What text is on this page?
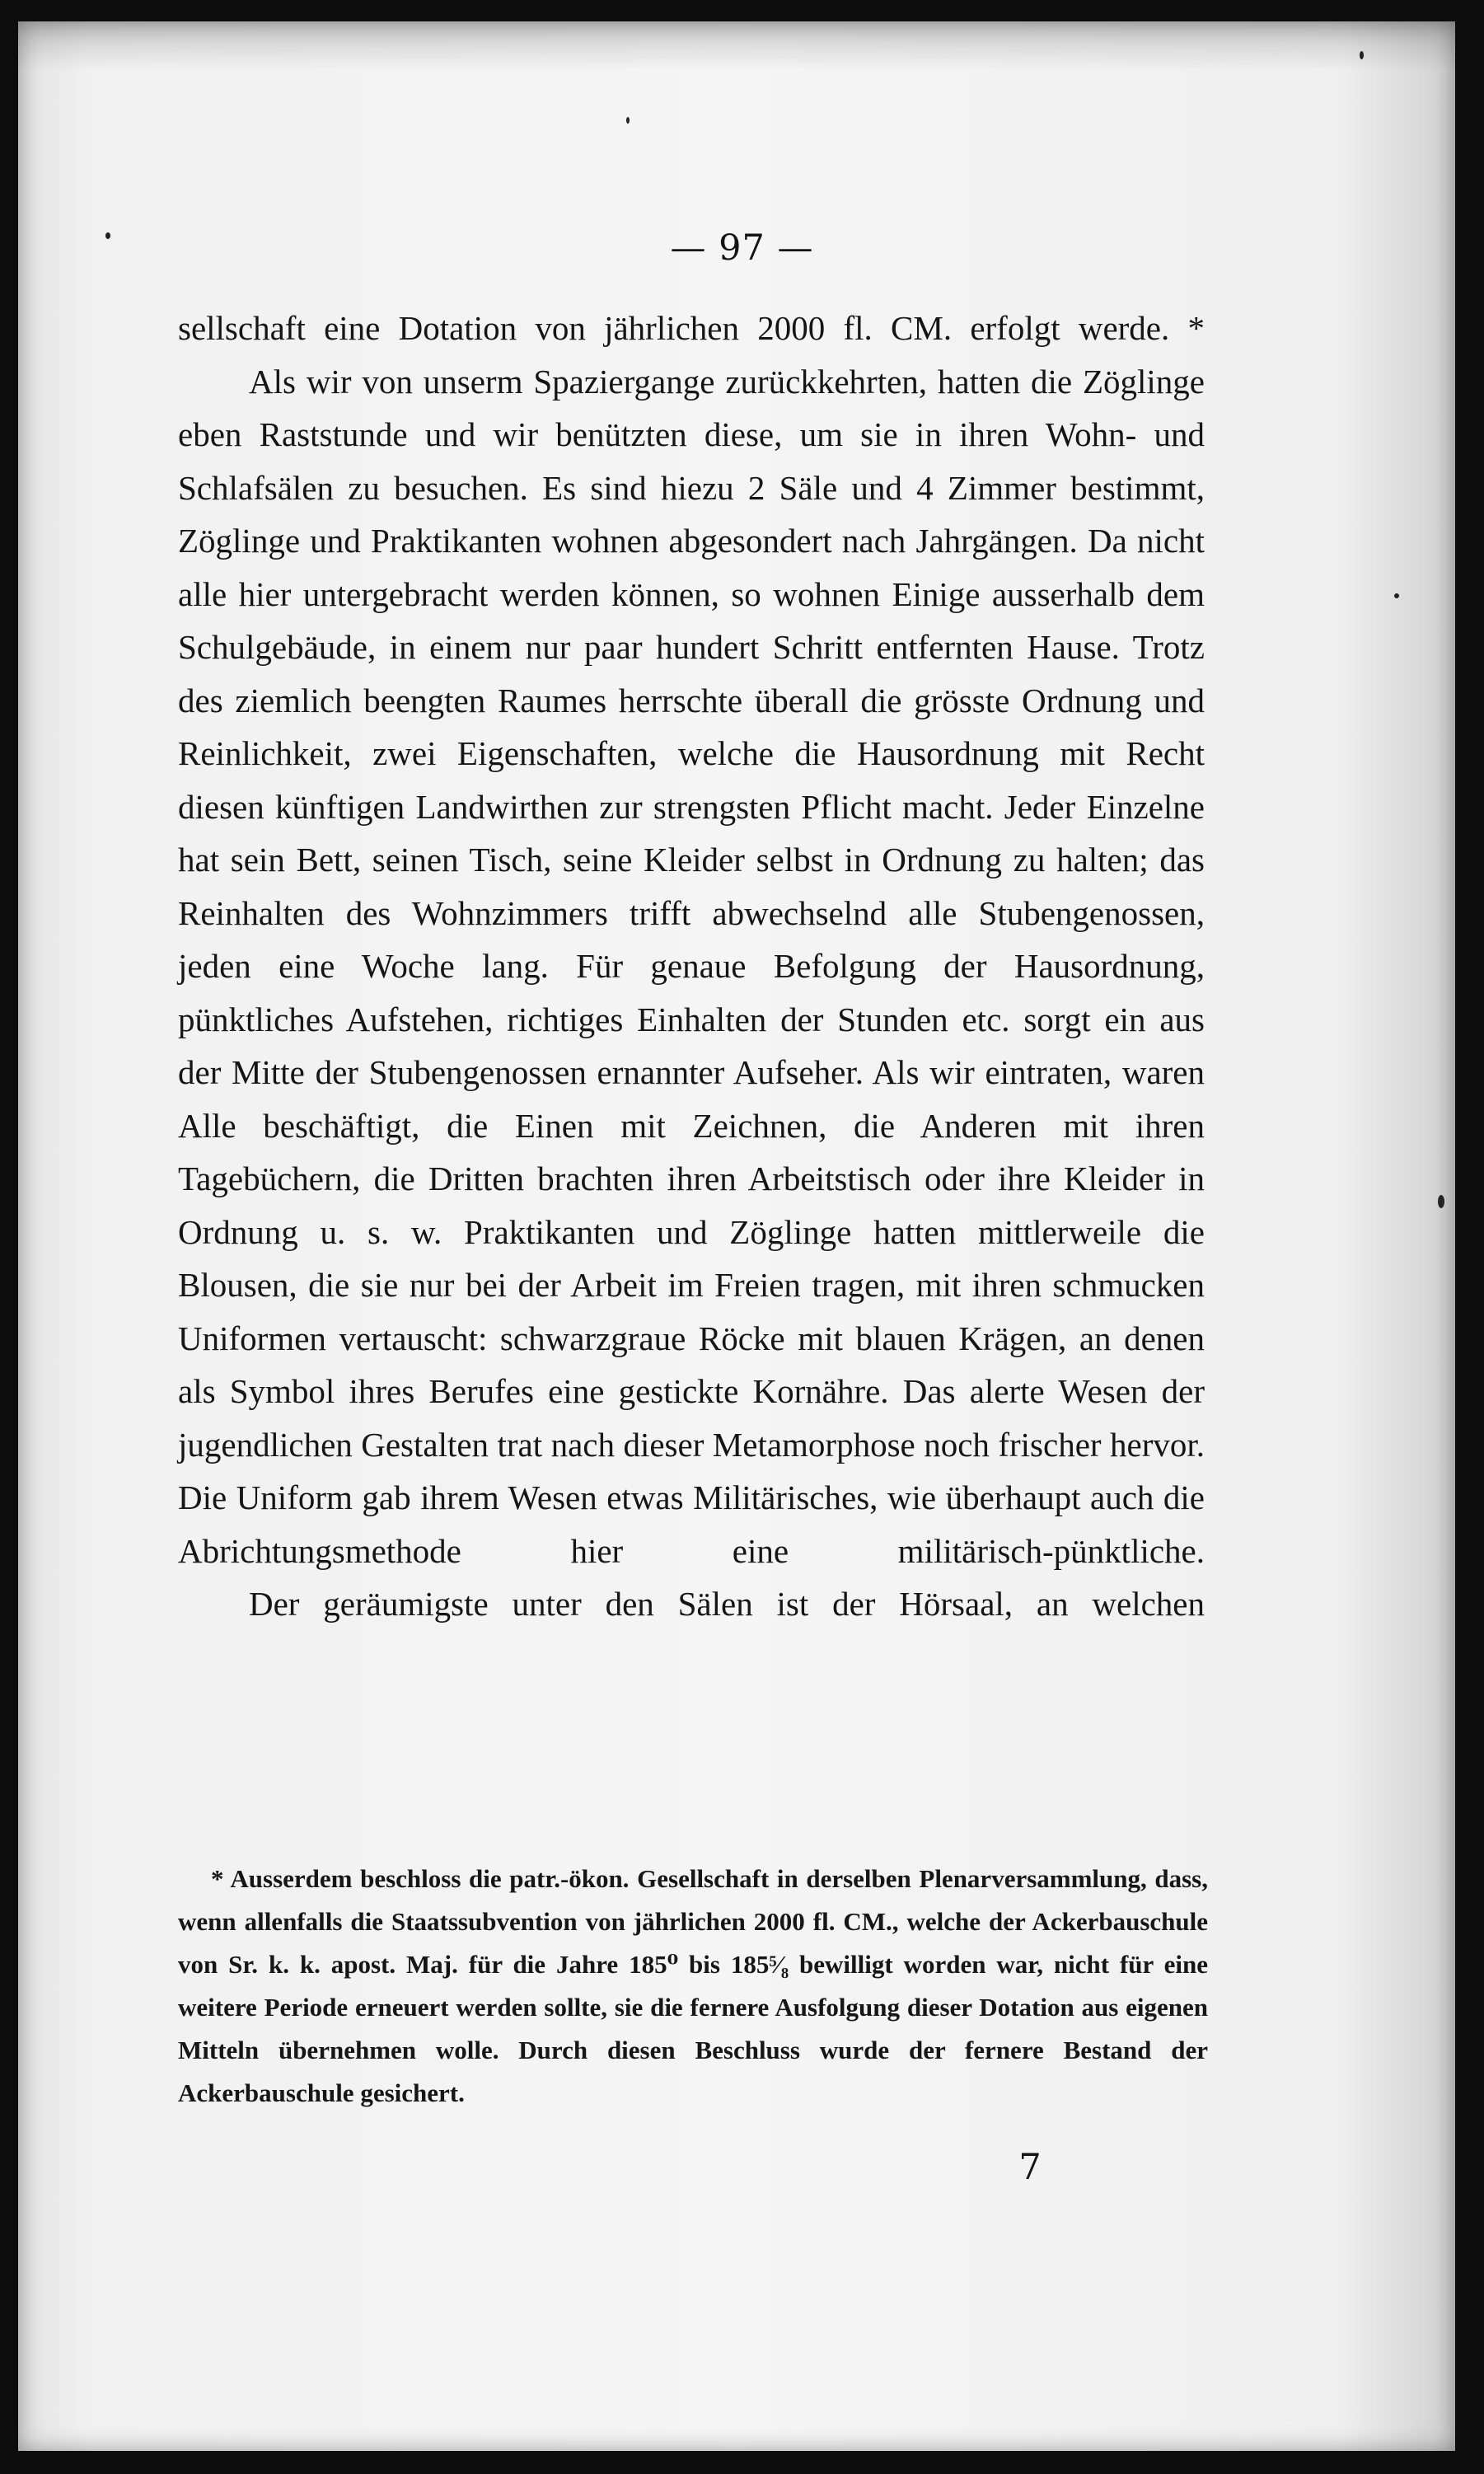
— 97 —

sellschaft eine Dotation von jährlichen 2000 fl. CM. erfolgt werde. *

Als wir von unserm Spaziergange zurückkehrten, hatten die Zöglinge eben Raststunde und wir benützten diese, um sie in ihren Wohn- und Schlafsälen zu besuchen. Es sind hiezu 2 Säle und 4 Zimmer bestimmt, Zöglinge und Praktikanten wohnen abgesondert nach Jahrgängen. Da nicht alle hier untergebracht werden können, so wohnen Einige ausserhalb dem Schulgebäude, in einem nur paar hundert Schritt entfernten Hause. Trotz des ziemlich beengten Raumes herrschte überall die grösste Ordnung und Reinlichkeit, zwei Eigenschaften, welche die Hausordnung mit Recht diesen künftigen Landwirthen zur strengsten Pflicht macht. Jeder Einzelne hat sein Bett, seinen Tisch, seine Kleider selbst in Ordnung zu halten; das Reinhalten des Wohnzimmers trifft abwechselnd alle Stubengenossen, jeden eine Woche lang. Für genaue Befolgung der Hausordnung, pünktliches Aufstehen, richtiges Einhalten der Stunden etc. sorgt ein aus der Mitte der Stubengenossen ernannter Aufseher. Als wir eintraten, waren Alle beschäftigt, die Einen mit Zeichnen, die Anderen mit ihren Tagebüchern, die Dritten brachten ihren Arbeitstisch oder ihre Kleider in Ordnung u. s. w. Praktikanten und Zöglinge hatten mittlerweile die Blousen, die sie nur bei der Arbeit im Freien tragen, mit ihren schmucken Uniformen vertauscht: schwarzgraue Röcke mit blauen Krägen, an denen als Symbol ihres Berufes eine gestickte Kornähre. Das alerte Wesen der jugendlichen Gestalten trat nach dieser Metamorphose noch frischer hervor. Die Uniform gab ihrem Wesen etwas Militärisches, wie überhaupt auch die Abrichtungsmethode hier eine militärisch-pünktliche.

Der geräumigste unter den Sälen ist der Hörsaal, an welchen

* Ausserdem beschloss die patr.-ökon. Gesellschaft in derselben Plenarversammlung, dass, wenn allenfalls die Staatssubvention von jährlichen 2000 fl. CM., welche der Ackerbauschule von Sr. k. k. apost. Maj. für die Jahre 185⁰ bis 185⁵⁄₈ bewilligt worden war, nicht für eine weitere Periode erneuert werden sollte, sie die fernere Ausfolgung dieser Dotation aus eigenen Mitteln übernehmen wolle. Durch diesen Beschluss wurde der fernere Bestand der Ackerbauschule gesichert.

7
